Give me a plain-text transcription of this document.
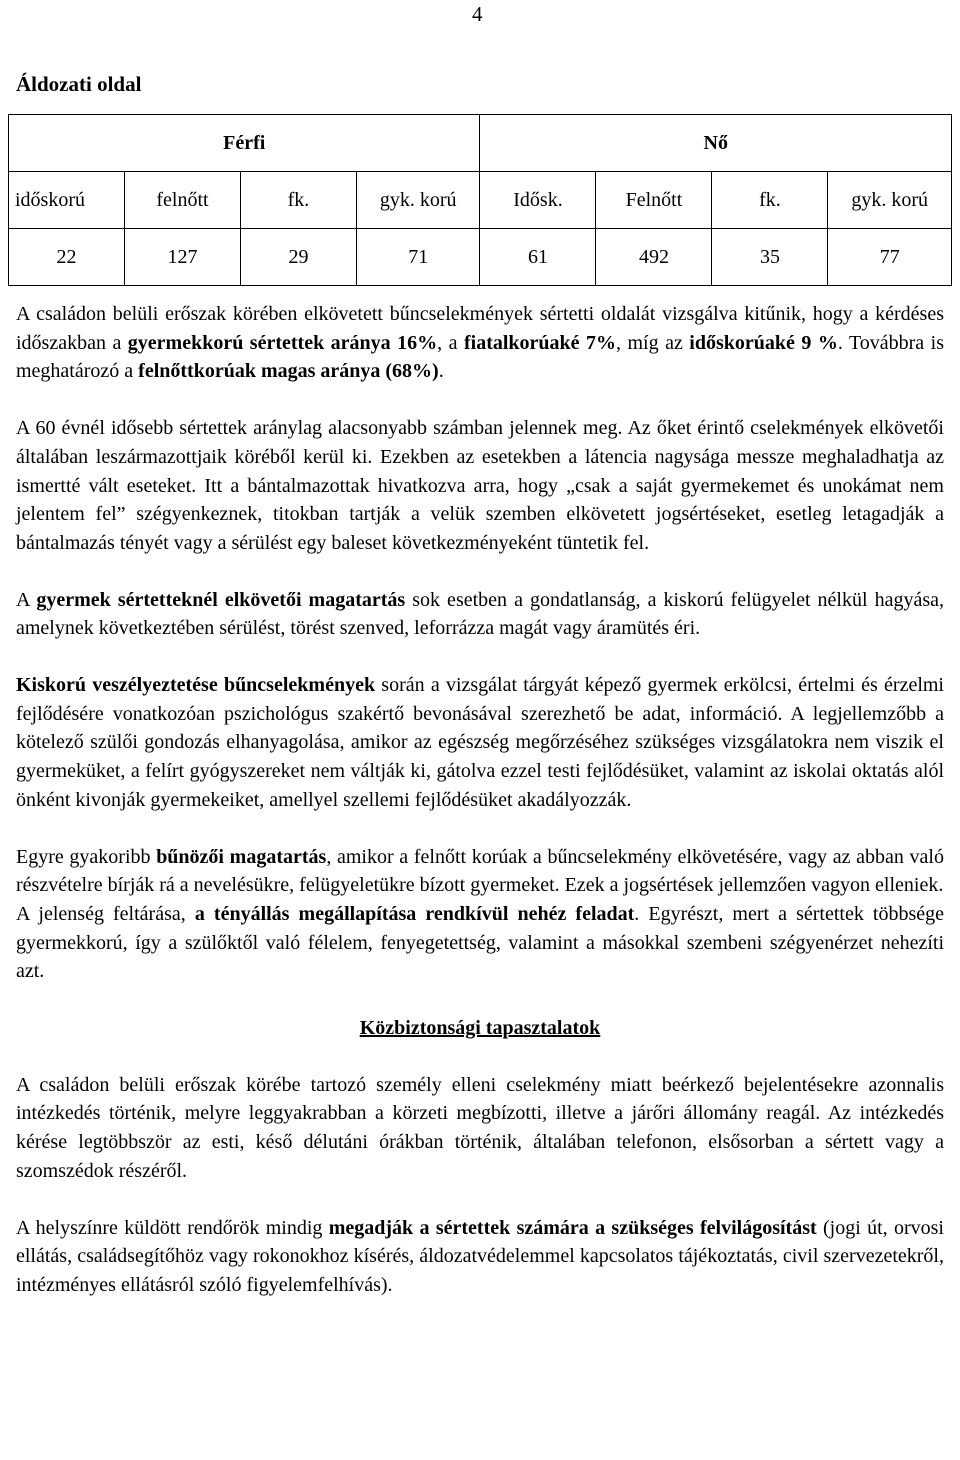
4
Áldozati oldal
Férfi				Nő			
időskorú	felnőtt	fk.	gyk. korú	Idősk.	Felnőtt	fk.	gyk. korú
22	127	29	71	61	492	35	77

A családon belüli erőszak körében elkövetett bűncselekmények sértetti oldalát vizsgálva kitűnik, hogy a kérdéses időszakban a gyermekkorú sértettek aránya 16%, a fiatalkorúaké 7%, míg az időskorúaké 9 %. Továbbra is meghatározó a felnőttkorúak magas aránya (68%).

A 60 évnél idősebb sértettek aránylag alacsonyabb számban jelennek meg. Az őket érintő cselekmények elkövetői általában leszármazottjaik köréből kerül ki. Ezekben az esetekben a látencia nagysága messze meghaladhatja az ismertté vált eseteket. Itt a bántalmazottak hivatkozva arra, hogy „csak a saját gyermekemet és unokámat nem jelentem fel” szégyenkeznek, titokban tartják a velük szemben elkövetett jogsértéseket, esetleg letagadják a bántalmazás tényét vagy a sérülést egy baleset következményeként tüntetik fel.

A gyermek sértetteknél elkövetői magatartás sok esetben a gondatlanság, a kiskorú felügyelet nélkül hagyása, amelynek következtében sérülést, törést szenved, leforrázza magát vagy áramütés éri.

Kiskorú veszélyeztetése bűncselekmények során a vizsgálat tárgyát képező gyermek erkölcsi, értelmi és érzelmi fejlődésére vonatkozóan pszichológus szakértő bevonásával szerezhető be adat, információ. A legjellemzőbb a kötelező szülői gondozás elhanyagolása, amikor az egészség megőrzéséhez szükséges vizsgálatokra nem viszik el gyermeküket, a felírt gyógyszereket nem váltják ki, gátolva ezzel testi fejlődésüket, valamint az iskolai oktatás alól önként kivonják gyermekeiket, amellyel szellemi fejlődésüket akadályozzák.

Egyre gyakoribb bűnözői magatartás, amikor a felnőtt korúak a bűncselekmény elkövetésére, vagy az abban való részvételre bírják rá a nevelésükre, felügyeletükre bízott gyermeket. Ezek a jogsértések jellemzően vagyon elleniek.

A jelenség feltárása, a tényállás megállapítása rendkívül nehéz feladat. Egyrészt, mert a sértettek többsége gyermekkorú, így a szülőktől való félelem, fenyegetettség, valamint a másokkal szembeni szégyenérzet nehezíti azt.

Közbiztonsági tapasztalatok

A családon belüli erőszak körébe tartozó személy elleni cselekmény miatt beérkező bejelentésekre azonnalis intézkedés történik, melyre leggyakrabban a körzeti megbízotti, illetve a járőri állomány reagál. Az intézkedés kérése legtöbbször az esti, késő délutáni órákban történik, általában telefonon, elsősorban a sértett vagy a szomszédok részéről.

A helyszínre küldött rendőrök mindig megadják a sértettek számára a szükséges felvilágosítást (jogi út, orvosi ellátás, családsegítőhöz vagy rokonokhoz kísérés, áldozatvédelemmel kapcsolatos tájékoztatás, civil szervezetekről, intézményes ellátásról szóló figyelemfelhívás).
